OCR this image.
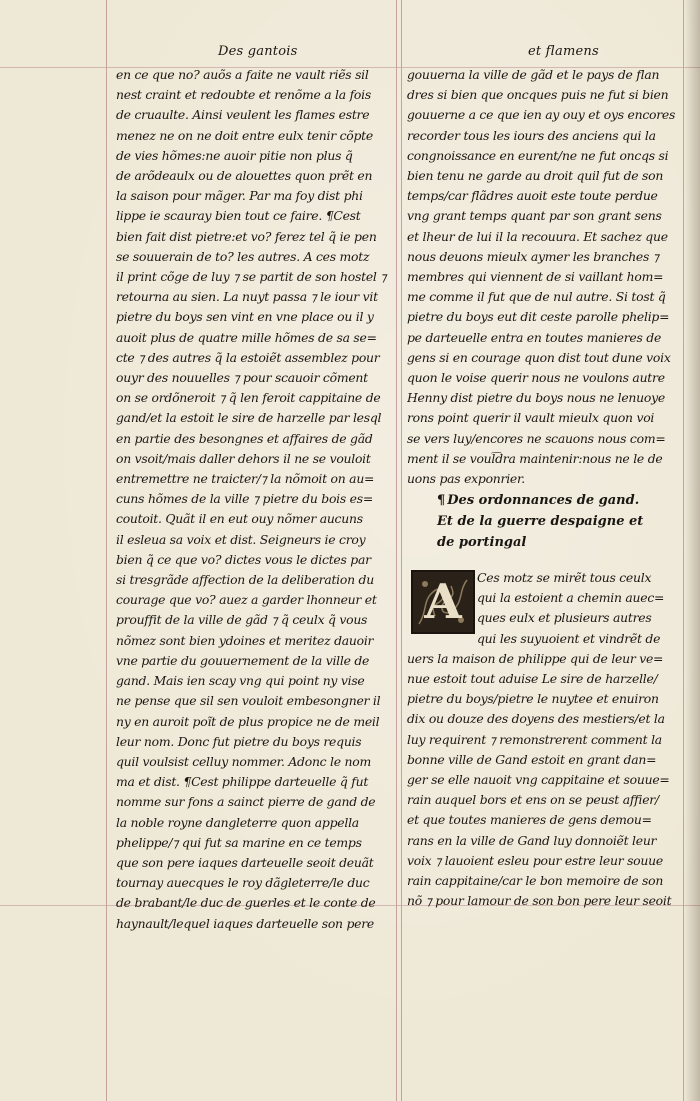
Des gantois	et flamens
en ce que no? auõs a faite ne vault riẽs sil
nest craint et redoubte et renõme a la fois
de cruaulte. Ainsi veulent les flames estre
menez ne on ne doit entre eulx tenir cõpte
de vies hõmes:ne auoir pitie non plus q̃
de arõdeaulx ou de alouettes quon prẽt en
la saison pour mãger. Par ma foy dist phi
lippe ie scauray bien tout ce faire. ¶Cest
bien fait dist pietre:et vo? ferez tel q̃ ie pen
se souuerain de to? les autres. A ces motz
il print cõge de luy ⁊ se partit de son hostel ⁊
retourna au sien. La nuyt passa ⁊ le iour vit
pietre du boys sen vint en vne place ou il y
auoit plus de quatre mille hõmes de sa se=
cte ⁊ des autres q̃ la estoiẽt assemblez pour
ouyr des nouuelles ⁊ pour scauoir cõment
on se ordõneroit ⁊ q̃ len feroit cappitaine de
gand/et la estoit le sire de harzelle par lesql
en partie des besongnes et affaires de gãd
on vsoit/mais daller dehors il ne se vouloit
entremettre ne traicter/⁊ la nõmoit on au=
cuns hõmes de la ville ⁊ pietre du bois es=
coutoit. Quãt il en eut ouy nõmer aucuns
il esleua sa voix et dist. Seigneurs ie croy
bien q̃ ce que vo? dictes vous le dictes par
si tresgrãde affection de la deliberation du
courage que vo? auez a garder lhonneur et
prouffit de la ville de gãd ⁊ q̃ ceulx q̃ vous
nõmez sont bien ydoines et meritez dauoir
vne partie du gouuernement de la ville de
gand. Mais ien scay vng qui point ny vise
ne pense que sil sen vouloit embesongner il
ny en auroit poĩt de plus propice ne de meil
leur nom. Donc fut pietre du boys requis
quil voulsist celluy nommer. Adonc le nom
ma et dist. ¶Cest philippe darteuelle q̃ fut
nomme sur fons a sainct pierre de gand de
la noble royne dangleterre quon appella
phelippe/⁊ qui fut sa marine en ce temps
que son pere iaques darteuelle seoit deuãt
tournay auecques le roy dãgleterre/le duc
de brabant/le duc de guerles et le conte de
haynault/lequel iaques darteuelle son pere
gouuerna la ville de gãd et le pays de flan
dres si bien que oncques puis ne fut si bien
gouuerne a ce que ien ay ouy et oys encores
recorder tous les iours des anciens qui la
congnoissance en eurent/ne ne fut oncqs si
bien tenu ne garde au droit quil fut de son
temps/car flãdres auoit este toute perdue
vng grant temps quant par son grant sens
et lheur de lui il la recouura. Et sachez que
nous deuons mieulx aymer les branches ⁊
membres qui viennent de si vaillant hom=
me comme il fut que de nul autre. Si tost q̃
pietre du boys eut dit ceste parolle phelip=
pe darteuelle entra en toutes manieres de
gens si en courage quon dist tout dune voix
quon le voise querir nous ne voulons autre
Henny dist pietre du boys nous ne lenuoye
rons point querir il vault mieulx quon voi
se vers luy/encores ne scauons nous com=
ment il se voul͡dra maintenir:nous ne le de
uons pas exponrier.
¶ Des ordonnances de gand.
Et de la guerre despaigne et
de portingal
A	Ces motz se mirẽt tous ceulx
qui la estoient a chemin auec=
ques eulx et plusieurs autres
qui les suyuoient et vindrẽt de
uers la maison de philippe qui de leur ve=
nue estoit tout aduise Le sire de harzelle/
pietre du boys/pietre le nuytee et enuiron
dix ou douze des doyens des mestiers/et la
luy requirent ⁊ remonstrerent comment la
bonne ville de Gand estoit en grant dan=
ger se elle nauoit vng cappitaine et souue=
rain auquel bors et ens on se peust affier/
et que toutes manieres de gens demou=
rans en la ville de Gand luy donnoiẽt leur
voix ⁊ lauoient esleu pour estre leur souue
rain cappitaine/car le bon memoire de son
nõ ⁊ pour lamour de son bon pere leur seoit
